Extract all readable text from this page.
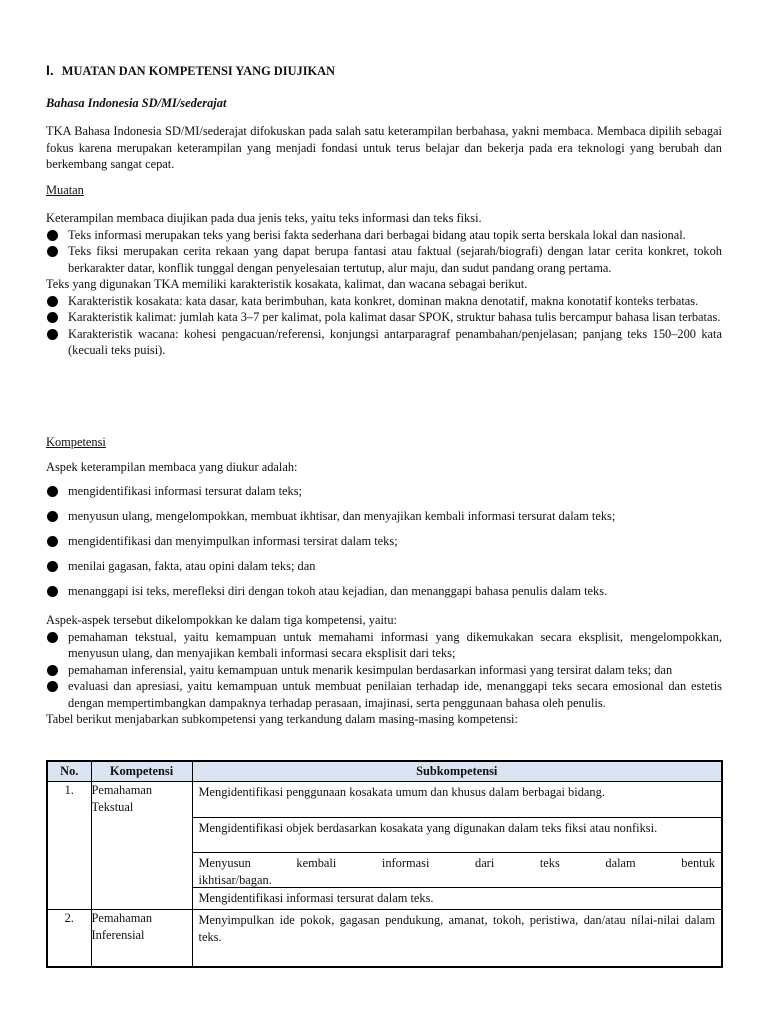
I. MUATAN DAN KOMPETENSI YANG DIUJIKAN
Bahasa Indonesia SD/MI/sederajat
TKA Bahasa Indonesia SD/MI/sederajat difokuskan pada salah satu keterampilan berbahasa, yakni membaca. Membaca dipilih sebagai fokus karena merupakan keterampilan yang menjadi fondasi untuk terus belajar dan bekerja pada era teknologi yang berubah dan berkembang sangat cepat.
Muatan
Keterampilan membaca diujikan pada dua jenis teks, yaitu teks informasi dan teks fiksi.
Teks informasi merupakan teks yang berisi fakta sederhana dari berbagai bidang atau topik serta berskala lokal dan nasional.
Teks fiksi merupakan cerita rekaan yang dapat berupa fantasi atau faktual (sejarah/biografi) dengan latar cerita konkret, tokoh berkarakter datar, konflik tunggal dengan penyelesaian tertutup, alur maju, dan sudut pandang orang pertama.
Teks yang digunakan TKA memiliki karakteristik kosakata, kalimat, dan wacana sebagai berikut.
Karakteristik kosakata: kata dasar, kata berimbuhan, kata konkret, dominan makna denotatif, makna konotatif konteks terbatas.
Karakteristik kalimat: jumlah kata 3–7 per kalimat, pola kalimat dasar SPOK, struktur bahasa tulis bercampur bahasa lisan terbatas.
Karakteristik wacana: kohesi pengacuan/referensi, konjungsi antarparagraf penambahan/penjelasan; panjang teks 150–200 kata (kecuali teks puisi).
Kompetensi
Aspek keterampilan membaca yang diukur adalah:
mengidentifikasi informasi tersurat dalam teks;
menyusun ulang, mengelompokkan, membuat ikhtisar, dan menyajikan kembali informasi tersurat dalam teks;
mengidentifikasi dan menyimpulkan informasi tersirat dalam teks;
menilai gagasan, fakta, atau opini dalam teks; dan
menanggapi isi teks, merefleksi diri dengan tokoh atau kejadian, dan menanggapi bahasa penulis dalam teks.
Aspek-aspek tersebut dikelompokkan ke dalam tiga kompetensi, yaitu:
pemahaman tekstual, yaitu kemampuan untuk memahami informasi yang dikemukakan secara eksplisit, mengelompokkan, menyusun ulang, dan menyajikan kembali informasi secara eksplisit dari teks;
pemahaman inferensial, yaitu kemampuan untuk menarik kesimpulan berdasarkan informasi yang tersirat dalam teks; dan
evaluasi dan apresiasi, yaitu kemampuan untuk membuat penilaian terhadap ide, menanggapi teks secara emosional dan estetis dengan mempertimbangkan dampaknya terhadap perasaan, imajinasi, serta penggunaan bahasa oleh penulis.
Tabel berikut menjabarkan subkompetensi yang terkandung dalam masing-masing kompetensi:
No.	Kompetensi	Subkompetensi
1.	Pemahaman Tekstual	Mengidentifikasi penggunaan kosakata umum dan khusus dalam berbagai bidang.
Mengidentifikasi objek berdasarkan kosakata yang digunakan dalam teks fiksi atau nonfiksi.
Menyusun kembali informasi dari teks dalam bentuk ikhtisar/bagan.
Mengidentifikasi informasi tersurat dalam teks.

2.	Pemahaman Inferensial	Menyimpulkan ide pokok, gagasan pendukung, amanat, tokoh, peristiwa, dan/atau nilai-nilai dalam teks.
